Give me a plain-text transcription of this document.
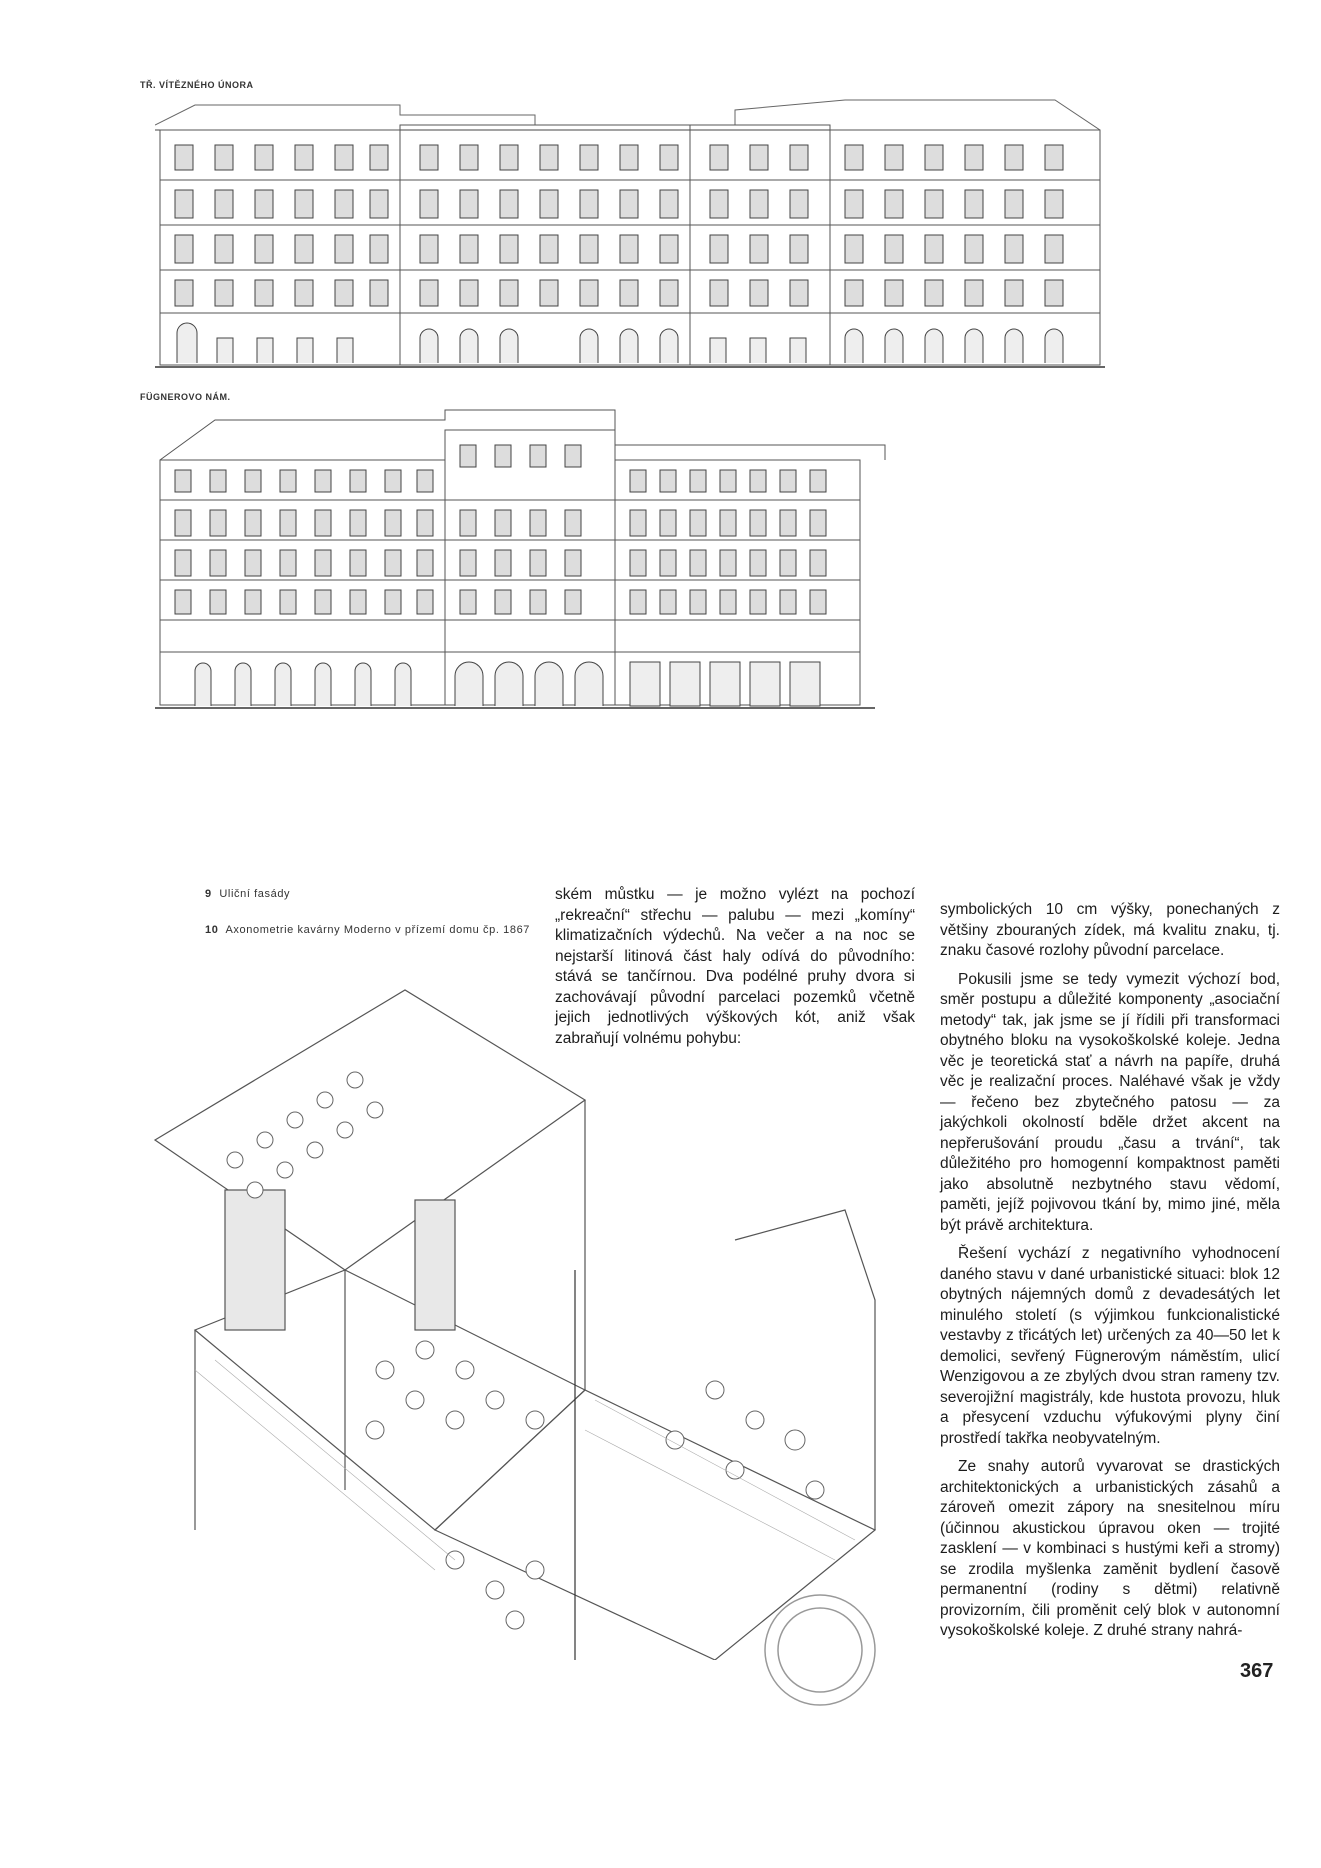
TŘ. VÍTĚZNÉHO ÚNORA
FÜGNEROVO NÁM.
9 Uliční fasády
10 Axonometrie kavárny Moderno v přízemí domu čp. 1867

ském můstku — je možno vylézt na pochozí „rekreační“ střechu — palubu — mezi „komíny“ klimatizačních výdechů. Na večer a na noc se nejstarší litinová část haly odívá do původního: stává se tančírnou. Dva podélné pruhy dvora si zachovávají původní parcelaci pozemků včetně jejich jednotlivých výškových kót, aniž však zabraňují volnému pohybu:

symbolických 10 cm výšky, ponechaných z většiny zbouraných zídek, má kvalitu znaku, tj. znaku časové rozlohy původní parcelace.

Pokusili jsme se tedy vymezit výchozí bod, směr postupu a důležité komponenty „asociační metody“ tak, jak jsme se jí řídili při transformaci obytného bloku na vysokoškolské koleje. Jedna věc je teoretická stať a návrh na papíře, druhá věc je realizační proces. Naléhavé však je vždy — řečeno bez zbytečného patosu — za jakýchkoli okolností bdĕle držet akcent na nepřerušování proudu „času a trvání“, tak důležitého pro homogenní kompaktnost paměti jako absolutně nezbytného stavu vědomí, paměti, jejíž pojivovou tkání by, mimo jiné, měla být právě architektura.

Řešení vychází z negativního vyhodnocení daného stavu v dané urbanistické situaci: blok 12 obytných nájemných domů z devadesátých let minulého století (s výjimkou funkcionalistické vestavby z třicátých let) určených za 40—50 let k demolici, sevřený Fügnerovým náměstím, ulicí Wenzigovou a ze zbylých dvou stran rameny tzv. severojižní magistrály, kde hustota provozu, hluk a přesycení vzduchu výfukovými plyny činí prostředí takřka neobyvatelným.

Ze snahy autorů vyvarovat se drastických architektonických a urbanistických zásahů a zároveň omezit zápory na snesitelnou míru (účinnou akustickou úpravou oken — trojité zasklení — v kombinaci s hustými keři a stromy) se zrodila myšlenka zaměnit bydlení časově permanentní (rodiny s dětmi) relativně provizorním, čili proměnit celý blok v autonomní vysokoškolské koleje. Z druhé strany nahrá-

367
